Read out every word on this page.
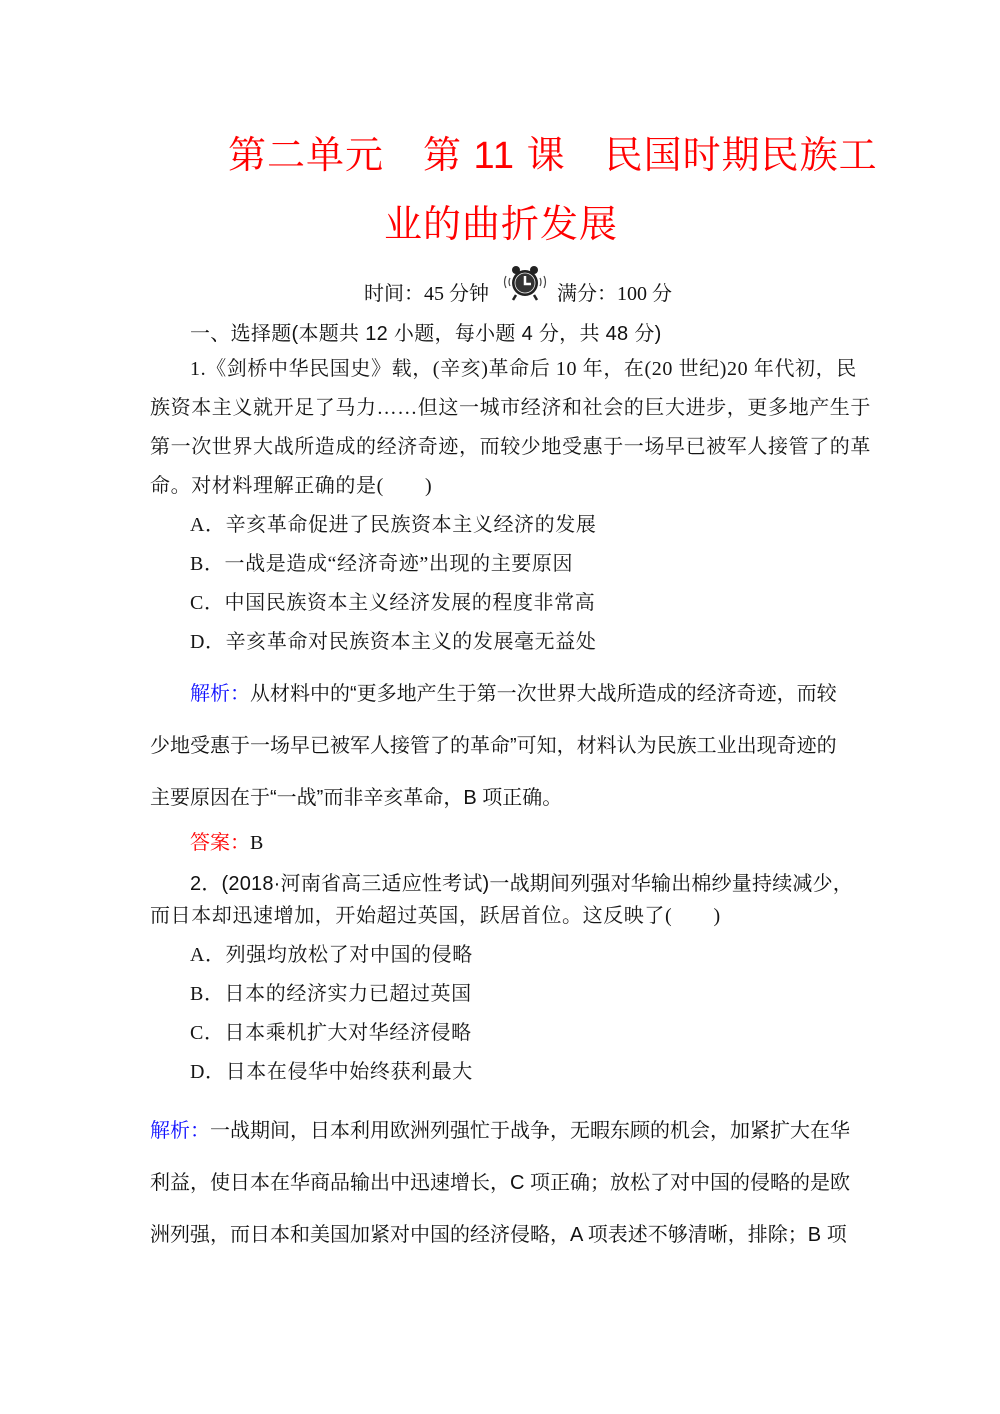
第二单元　第 11 课　民国时期民族工
业的曲折发展
时间：45 分钟	满分：100 分
一、选择题(本题共 12 小题，每小题 4 分，共 48 分)
1.《剑桥中华民国史》载，(辛亥)革命后 10 年，在(20 世纪)20 年代初，民
族资本主义就开足了马力……但这一城市经济和社会的巨大进步，更多地产生于
第一次世界大战所造成的经济奇迹，而较少地受惠于一场早已被军人接管了的革
命。对材料理解正确的是(　　)
A．辛亥革命促进了民族资本主义经济的发展
B．一战是造成“经济奇迹”出现的主要原因
C．中国民族资本主义经济发展的程度非常高
D．辛亥革命对民族资本主义的发展毫无益处
解析：从材料中的“更多地产生于第一次世界大战所造成的经济奇迹，而较
少地受惠于一场早已被军人接管了的革命”可知，材料认为民族工业出现奇迹的
主要原因在于“一战”而非辛亥革命，B 项正确。
答案：B
2．(2018·河南省高三适应性考试)一战期间列强对华输出棉纱量持续减少，
而日本却迅速增加，开始超过英国，跃居首位。这反映了(　　)
A．列强均放松了对中国的侵略
B．日本的经济实力已超过英国
C．日本乘机扩大对华经济侵略
D．日本在侵华中始终获利最大
解析：一战期间，日本利用欧洲列强忙于战争，无暇东顾的机会，加紧扩大在华
利益，使日本在华商品输出中迅速增长，C 项正确；放松了对中国的侵略的是欧
洲列强，而日本和美国加紧对中国的经济侵略，A 项表述不够清晰，排除；B 项
